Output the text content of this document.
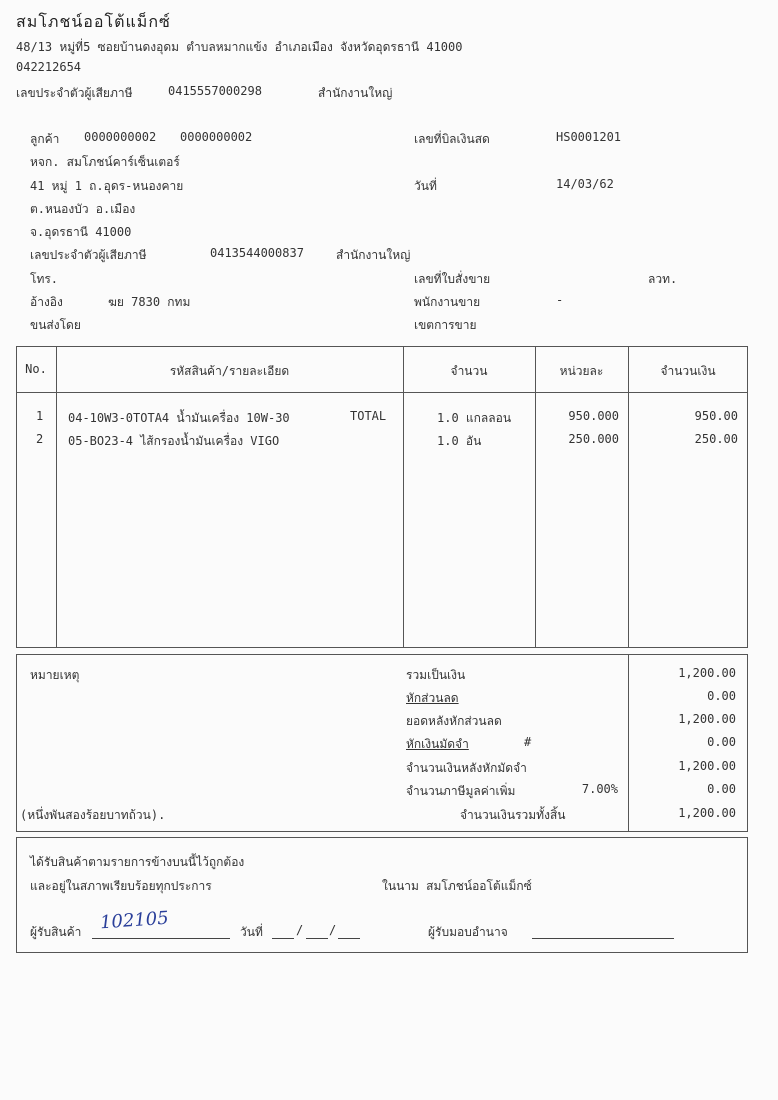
สมโภชน์ออโต้แม็กซ์
48/13 หมู่ที่5 ซอยบ้านดงอุดม ตำบลหมากแข้ง อำเภอเมือง จังหวัดอุดรธานี 41000
042212654
เลขประจำตัวผู้เสียภาษี	0415557000298	สำนักงานใหญ่
ลูกค้า 0000000002 0000000002
หจก. สมโภชน์คาร์เซ็นเตอร์
41 หมู่ 1 ถ.อุดร-หนองคาย
ต.หนองบัว อ.เมือง
จ.อุดรธานี 41000
เลขประจำตัวผู้เสียภาษี	0413544000837	สำนักงานใหญ่
โทร.
อ้างอิง	ฆย 7830 กทม
ขนส่งโดย
เลขที่บิลเงินสด	HS0001201
วันที่	14/03/62
เลขที่ใบสั่งขาย	ลวท.
พนักงานขาย	-
เขตการขาย
No.	รหัสสินค้า/รายละเอียด	จำนวน	หน่วยละ	จำนวนเงิน
1 04-10W3-0TOTA4 น้ำมันเครื่อง 10W-30	TOTAL	1.0 แกลลอน	950.000	950.00
2 05-BO23-4 ไส้กรองน้ำมันเครื่อง VIGO	1.0 อัน	250.000	250.00
หมายเหตุ
(หนึ่งพันสองร้อยบาทถ้วน).
รวมเป็นเงิน	1,200.00
หักส่วนลด	0.00
ยอดหลังหักส่วนลด	1,200.00
หักเงินมัดจำ	#	0.00
จำนวนเงินหลังหักมัดจำ	1,200.00
จำนวนภาษีมูลค่าเพิ่ม	7.00%	0.00
จำนวนเงินรวมทั้งสิ้น	1,200.00
ได้รับสินค้าตามรายการข้างบนนี้ไว้ถูกต้อง
และอยู่ในสภาพเรียบร้อยทุกประการ	ในนาม สมโภชน์ออโต้แม็กซ์
ผู้รับสินค้า 102105	วันที่	/ /	ผู้รับมอบอำนาจ
